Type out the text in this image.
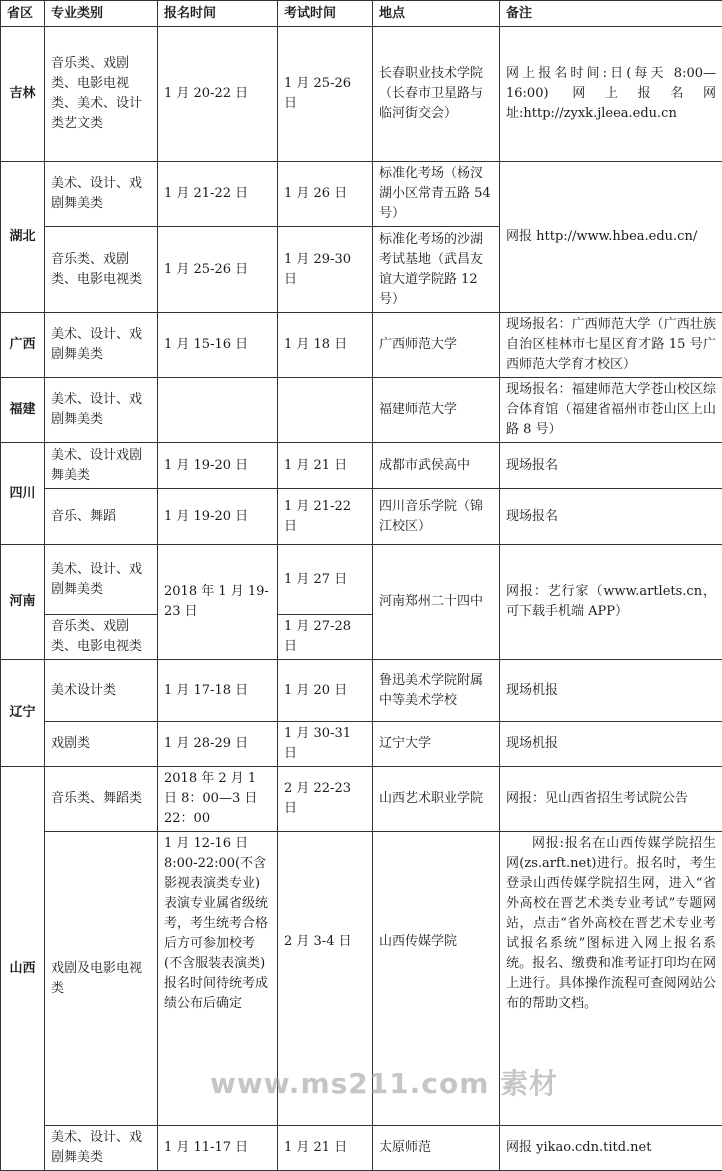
省区	专业类别	报名时间	考试时间	地点	备注
吉林	音乐类、戏剧类、电影电视类、美术、设计类艺文类	1 月 20-22 日	1 月 25-26 日	长春职业技术学院（长春市卫星路与临河街交会）	网上报名时间:日(每天 8:00—16:00) 网上报名网址:http://zyxk.jleea.edu.cn
湖北	美术、设计、戏剧舞美类	1 月 21-22 日	1 月 26 日	标准化考场（杨汊湖小区常青五路 54 号）	网报 http://www.hbea.edu.cn/
	音乐类、戏剧类、电影电视类	1 月 25-26 日	1 月 29-30 日	标准化考场的沙湖考试基地（武昌友谊大道学院路 12 号）	
广西	美术、设计、戏剧舞美类	1 月 15-16 日	1 月 18 日	广西师范大学	现场报名：广西师范大学（广西壮族自治区桂林市七星区育才路 15 号广西师范大学育才校区）
福建	美术、设计、戏剧舞美类			福建师范大学	现场报名：福建师范大学苍山校区综合体育馆（福建省福州市苍山区上山路 8 号）
四川	美术、设计戏剧舞美类	1 月 19-20 日	1 月 21 日	成都市武侯高中	现场报名
	音乐、舞蹈	1 月 19-20 日	1 月 21-22 日	四川音乐学院（锦江校区）	现场报名
河南	美术、设计、戏剧舞美类	2018 年 1 月 19-23 日	1 月 27 日	河南郑州二十四中	网报：艺行家（www.artlets.cn，可下载手机端 APP）
	音乐类、戏剧类、电影电视类		1 月 27-28 日		
辽宁	美术设计类	1 月 17-18 日	1 月 20 日	鲁迅美术学院附属中等美术学校	现场机报
	戏剧类	1 月 28-29 日	1 月 30-31 日	辽宁大学	现场机报
山西	音乐类、舞蹈类	2018 年 2 月 1 日 8：00—3 日 22：00	2 月 22-23 日	山西艺术职业学院	网报：见山西省招生考试院公告
	戏剧及电影电视类	1 月 12-16 日 8:00-22:00(不含影视表演类专业)表演专业属省级统考，考生统考合格后方可参加校考(不含服装表演类)报名时间待统考成绩公布后确定	2 月 3-4 日	山西传媒学院	网报:报名在山西传媒学院招生网(zs.arft.net)进行。报名时，考生登录山西传媒学院招生网，进入“省外高校在晋艺术类专业考试”专题网站，点击“省外高校在晋艺术专业考试报名系统”图标进入网上报名系统。报名、缴费和准考证打印均在网上进行。具体操作流程可查阅网站公布的帮助文档。
	美术、设计、戏剧舞美类	1 月 11-17 日	1 月 21 日	太原师范	网报 yikao.cdn.titd.net
www.ms211.com 素材
